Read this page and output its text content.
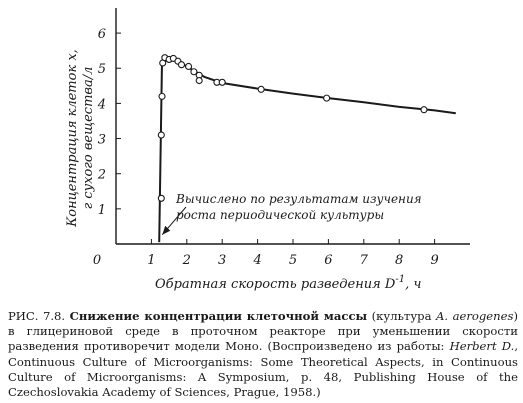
Концентрация клеток x, г сухого вещества/л
1 2 3 4 5 6 7 8 9
0
1
2
3
4
5
6
Вычислено по результатам изучения
роста периодической культуры
Обратная скорость разведения $D^{-1}$, ч
РИС. 7.8. Снижение концентрации клеточной массы (культура A. aerogenes) в глицериновой среде в проточном реакторе при уменьшении скорости разведения противоречит модели Моно. (Воспроизведено из работы: Herbert D., Continuous Culture of Microorganisms: Some Theoretical Aspects, in Continuous Culture of Microorganisms: A Symposium, p. 48, Publishing House of the Czechoslovakia Academy of Sciences, Prague, 1958.)
